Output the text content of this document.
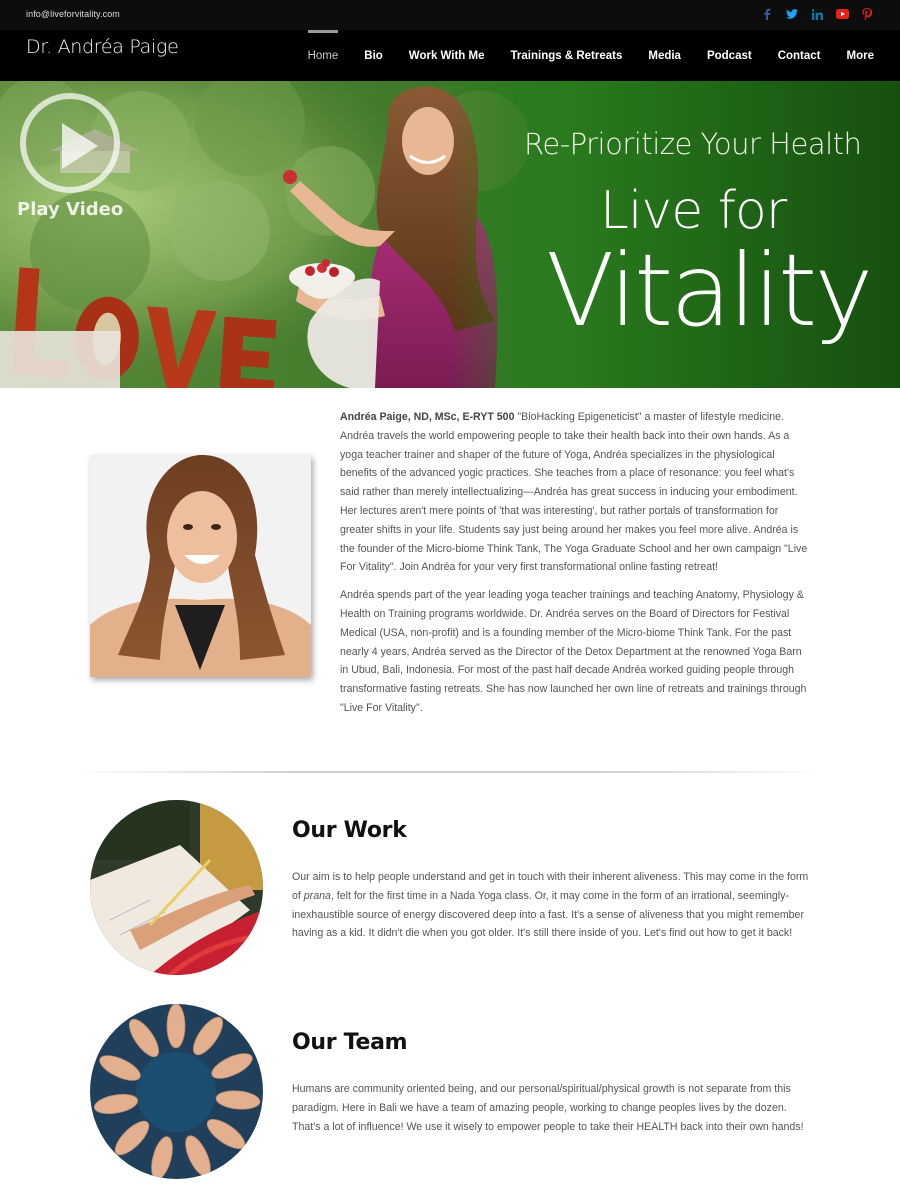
info@liveforvitality.com
Dr. Andréa Paige	Home	Bio	Work With Me	Trainings & Retreats	Media	Podcast	Contact	More
Play Video
Re-Prioritize Your Health
Live for
Vitality

Andréa Paige, ND, MSc, E-RYT 500 "BioHacking Epigeneticist" a master of lifestyle medicine. Andréa travels the world empowering people to take their health back into their own hands. As a yoga teacher trainer and shaper of the future of Yoga, Andréa specializes in the physiological benefits of the advanced yogic practices. She teaches from a place of resonance: you feel what's said rather than merely intellectualizing—Andréa has great success in inducing your embodiment. Her lectures aren't mere points of 'that was interesting', but rather portals of transformation for greater shifts in your life. Students say just being around her makes you feel more alive. Andréa is the founder of the Micro-biome Think Tank, The Yoga Graduate School and her own campaign "Live For Vitality". Join Andréa for your very first transformational online fasting retreat!

Andréa spends part of the year leading yoga teacher trainings and teaching Anatomy, Physiology & Health on Training programs worldwide. Dr. Andréa serves on the Board of Directors for Festival Medical (USA, non-profit) and is a founding member of the Micro-biome Think Tank. For the past nearly 4 years, Andréa served as the Director of the Detox Department at the renowned Yoga Barn in Ubud, Bali, Indonesia. For most of the past half decade Andréa worked guiding people through transformative fasting retreats. She has now launched her own line of retreats and trainings through "Live For Vitality".

Our Work
Our aim is to help people understand and get in touch with their inherent aliveness. This may come in the form of prana, felt for the first time in a Nada Yoga class. Or, it may come in the form of an irrational, seemingly-inexhaustible source of energy discovered deep into a fast. It's a sense of aliveness that you might remember having as a kid. It didn't die when you got older. It's still there inside of you. Let's find out how to get it back!
Our Team
Humans are community oriented being, and our personal/spiritual/physical growth is not separate from this paradigm. Here in Bali we have a team of amazing people, working to change peoples lives by the dozen. That's a lot of influence! We use it wisely to empower people to take their HEALTH back into their own hands!
